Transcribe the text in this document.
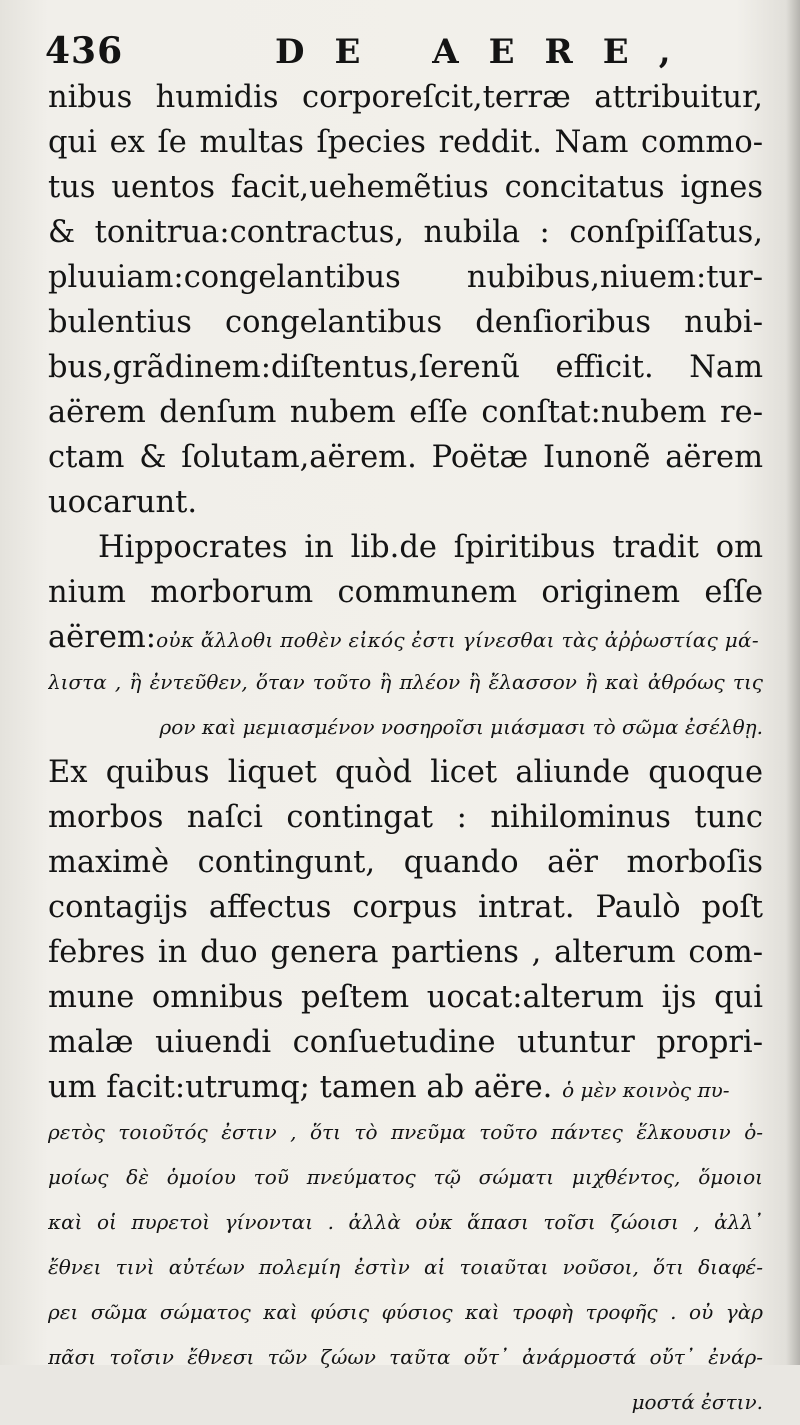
436	DE AERE,
nibus humidis corporeſcit,terræ attribuitur,
qui ex ſe multas ſpecies reddit. Nam commo-
tus uentos facit,uehemẽtius concitatus ignes
& tonitrua:contractus, nubila : conſpiſſatus,
pluuiam:congelantibus nubibus,niuem:tur-
bulentius congelantibus denſioribus nubi-
bus,grãdinem:diſtentus,ſerenũ efficit. Nam
aërem denſum nubem eſſe conſtat:nubem re-
ctam & ſolutam,aërem. Poëtæ Iunonẽ aërem
uocarunt.
Hippocrates in lib.de ſpiritibus tradit om
nium morborum communem originem eſſe
aërem:οὐκ ἄλλοθι ποθὲν εἰκός ἐστι γίνεσθαι τὰς ἀῤῥωστίας μά-
λιστα , ἢ ἐντεῦθεν, ὅταν τοῦτο ἢ πλέον ἢ ἔλασσον ἢ καὶ ἀθρόως τις
ρον καὶ μεμιασμένον νοσηροῖσι μιάσμασι τὸ σῶμα ἐσέλθῃ.
Ex quibus liquet quòd licet aliunde quoque
morbos naſci contingat : nihilominus tunc
maximè contingunt, quando aër morboſis
contagijs affectus corpus intrat. Paulò poſt
febres in duo genera partiens , alterum com-
mune omnibus peſtem uocat:alterum ijs qui
malæ uiuendi conſuetudine utuntur propri-
um facit:utrumq; tamen ab aëre. ὁ μὲν κοινὸς πυ-
ρετὸς τοιοῦτός ἐστιν , ὅτι τὸ πνεῦμα τοῦτο πάντες ἕλκουσιν ὁ-
μοίως δὲ ὁμοίου τοῦ πνεύματος τῷ σώματι μιχθέντος, ὅμοιοι
καὶ οἱ πυρετοὶ γίνονται . ἀλλὰ οὐκ ἅπασι τοῖσι ζώοισι , ἀλλ᾽
ἔθνει τινὶ αὐτέων πολεμίη ἐστὶν αἱ τοιαῦται νοῦσοι, ὅτι διαφέ-
ρει σῶμα σώματος καὶ φύσις φύσιος καὶ τροφὴ τροφῆς . οὐ γὰρ
πᾶσι τοῖσιν ἔθνεσι τῶν ζώων ταῦτα οὔτ᾽ ἀνάρμοστά οὔτ᾽ ἐνάρ-
μοστά ἐστιν.
